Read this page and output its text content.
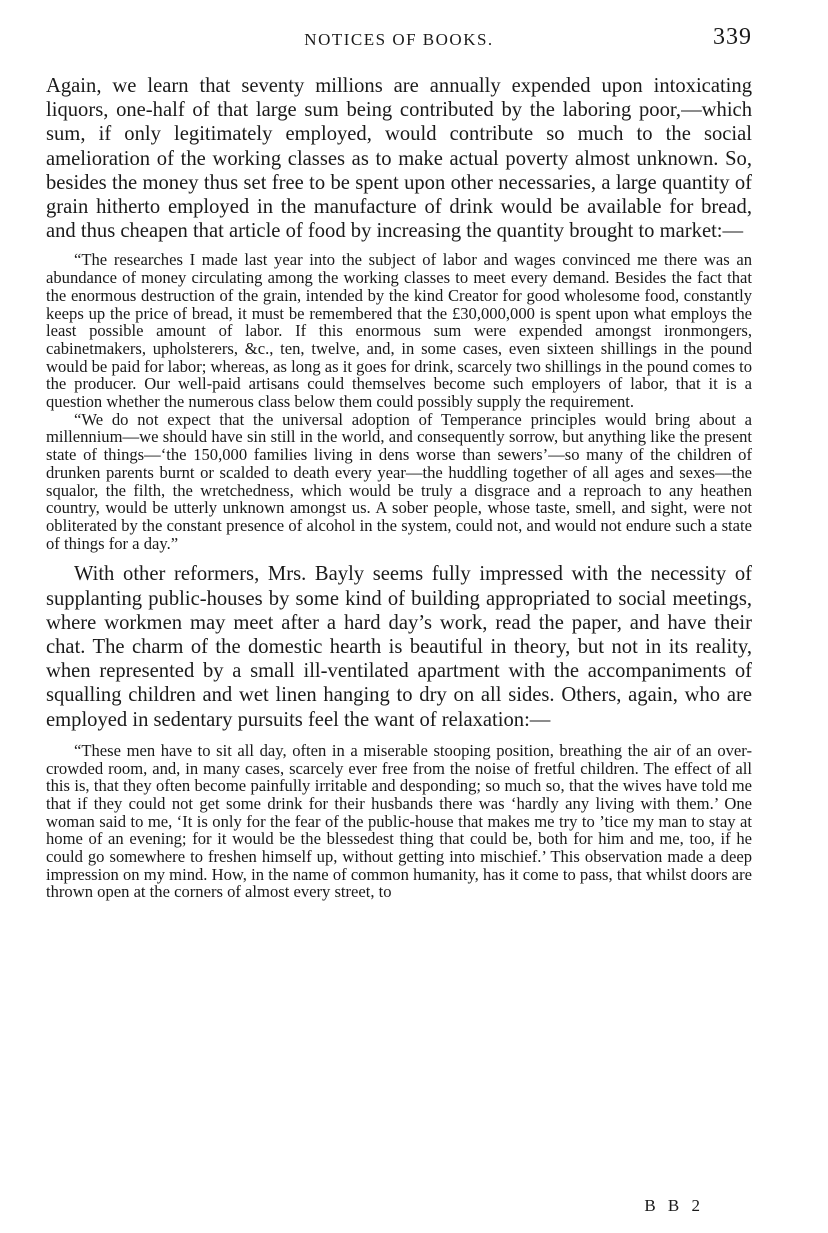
NOTICES OF BOOKS.	339

Again, we learn that seventy millions are annually expended upon intoxicating liquors, one-half of that large sum being contributed by the laboring poor,—which sum, if only legitimately employed, would contribute so much to the social amelioration of the working classes as to make actual poverty almost unknown. So, besides the money thus set free to be spent upon other necessaries, a large quantity of grain hitherto employed in the manufacture of drink would be available for bread, and thus cheapen that article of food by increasing the quantity brought to market:—

“The researches I made last year into the subject of labor and wages convinced me there was an abundance of money circulating among the working classes to meet every demand. Besides the fact that the enormous destruction of the grain, intended by the kind Creator for good wholesome food, constantly keeps up the price of bread, it must be remembered that the £30,000,000 is spent upon what employs the least possible amount of labor. If this enormous sum were expended amongst ironmongers, cabinetmakers, upholsterers, &c., ten, twelve, and, in some cases, even sixteen shillings in the pound would be paid for labor; whereas, as long as it goes for drink, scarcely two shillings in the pound comes to the producer. Our well-paid artisans could themselves become such employers of labor, that it is a question whether the numerous class below them could possibly supply the requirement.

“We do not expect that the universal adoption of Temperance principles would bring about a millennium—we should have sin still in the world, and consequently sorrow, but anything like the present state of things—‘the 150,000 families living in dens worse than sewers’—so many of the children of drunken parents burnt or scalded to death every year—the huddling together of all ages and sexes—the squalor, the filth, the wretchedness, which would be truly a disgrace and a reproach to any heathen country, would be utterly unknown amongst us. A sober people, whose taste, smell, and sight, were not obliterated by the constant presence of alcohol in the system, could not, and would not endure such a state of things for a day.”

With other reformers, Mrs. Bayly seems fully impressed with the necessity of supplanting public-houses by some kind of building appropriated to social meetings, where workmen may meet after a hard day’s work, read the paper, and have their chat. The charm of the domestic hearth is beautiful in theory, but not in its reality, when represented by a small ill-ventilated apartment with the accompaniments of squalling children and wet linen hanging to dry on all sides. Others, again, who are employed in sedentary pursuits feel the want of relaxation:—

“These men have to sit all day, often in a miserable stooping position, breathing the air of an over-crowded room, and, in many cases, scarcely ever free from the noise of fretful children. The effect of all this is, that they often become painfully irritable and desponding; so much so, that the wives have told me that if they could not get some drink for their husbands there was ‘hardly any living with them.’ One woman said to me, ‘It is only for the fear of the public-house that makes me try to ’tice my man to stay at home of an evening; for it would be the blessedest thing that could be, both for him and me, too, if he could go somewhere to freshen himself up, without getting into mischief.’ This observation made a deep impression on my mind. How, in the name of common humanity, has it come to pass, that whilst doors are thrown open at the corners of almost every street, to

B B 2
